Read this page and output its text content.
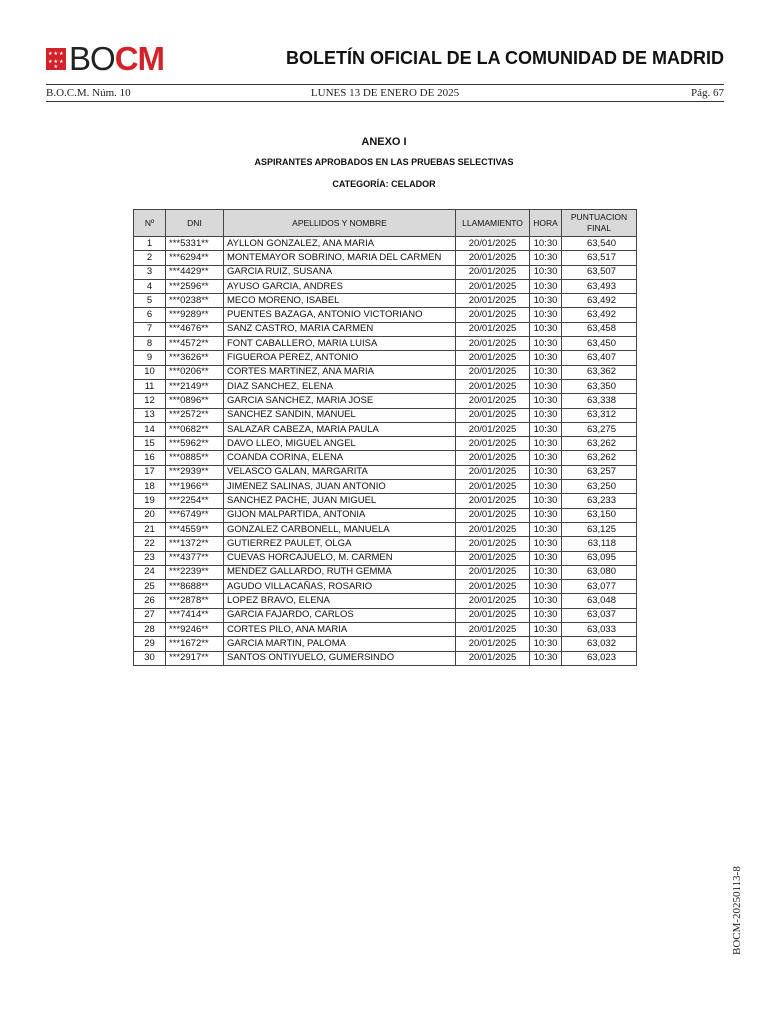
★ ★ ★
★ ★ ★
★ BOCM	BOLETÍN OFICIAL DE LA COMUNIDAD DE MADRID
B.O.C.M. Núm. 10	LUNES 13 DE ENERO DE 2025	Pág. 67
ANEXO I
ASPIRANTES APROBADOS EN LAS PRUEBAS SELECTIVAS
CATEGORÍA: CELADOR
Nº	DNI	APELLIDOS Y NOMBRE	LLAMAMIENTO	HORA	PUNTUACION FINAL
1	***5331**	AYLLON GONZALEZ, ANA MARIA	20/01/2025	10:30	63,540
2	***6294**	MONTEMAYOR SOBRINO, MARIA DEL CARMEN	20/01/2025	10:30	63,517
3	***4429**	GARCIA RUIZ, SUSANA	20/01/2025	10:30	63,507
4	***2596**	AYUSO GARCIA, ANDRES	20/01/2025	10:30	63,493
5	***0238**	MECO MORENO, ISABEL	20/01/2025	10:30	63,492
6	***9289**	PUENTES BAZAGA, ANTONIO VICTORIANO	20/01/2025	10:30	63,492
7	***4676**	SANZ CASTRO, MARIA CARMEN	20/01/2025	10:30	63,458
8	***4572**	FONT CABALLERO, MARIA LUISA	20/01/2025	10:30	63,450
9	***3626**	FIGUEROA PEREZ, ANTONIO	20/01/2025	10:30	63,407
10	***0206**	CORTES MARTINEZ, ANA MARIA	20/01/2025	10:30	63,362
11	***2149**	DIAZ SANCHEZ, ELENA	20/01/2025	10:30	63,350
12	***0896**	GARCIA SANCHEZ, MARIA JOSE	20/01/2025	10:30	63,338
13	***2572**	SANCHEZ SANDIN, MANUEL	20/01/2025	10:30	63,312
14	***0682**	SALAZAR CABEZA, MARIA PAULA	20/01/2025	10:30	63,275
15	***5962**	DAVO LLEO, MIGUEL ANGEL	20/01/2025	10:30	63,262
16	***0885**	COANDA CORINA, ELENA	20/01/2025	10:30	63,262
17	***2939**	VELASCO GALAN, MARGARITA	20/01/2025	10:30	63,257
18	***1966**	JIMENEZ SALINAS, JUAN ANTONIO	20/01/2025	10:30	63,250
19	***2254**	SANCHEZ PACHE, JUAN MIGUEL	20/01/2025	10:30	63,233
20	***6749**	GIJON MALPARTIDA, ANTONIA	20/01/2025	10:30	63,150
21	***4559**	GONZALEZ CARBONELL, MANUELA	20/01/2025	10:30	63,125
22	***1372**	GUTIERREZ PAULET, OLGA	20/01/2025	10:30	63,118
23	***4377**	CUEVAS HORCAJUELO, M. CARMEN	20/01/2025	10:30	63,095
24	***2239**	MENDEZ GALLARDO, RUTH GEMMA	20/01/2025	10:30	63,080
25	***8688**	AGUDO VILLACAÑAS, ROSARIO	20/01/2025	10:30	63,077
26	***2878**	LOPEZ BRAVO, ELENA	20/01/2025	10:30	63,048
27	***7414**	GARCIA FAJARDO, CARLOS	20/01/2025	10:30	63,037
28	***9246**	CORTES PILO, ANA MARIA	20/01/2025	10:30	63,033
29	***1672**	GARCIA MARTIN, PALOMA	20/01/2025	10:30	63,032
30	***2917**	SANTOS ONTIYUELO, GUMERSINDO	20/01/2025	10:30	63,023
BOCM-20250113-8
